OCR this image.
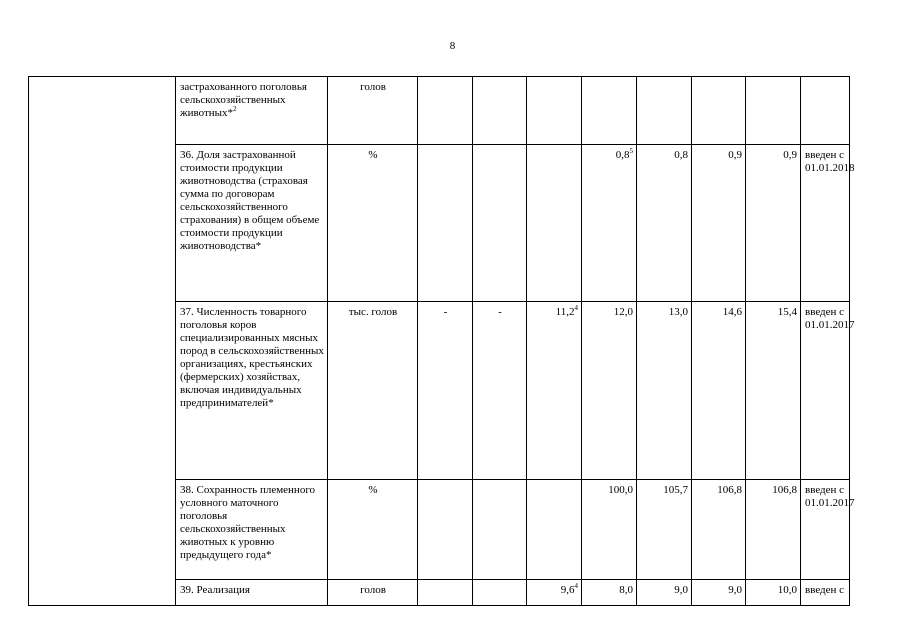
8
	застрахованного поголовья сельскохозяйственных животных*$^2$	голов								
	36. Доля застрахованной стоимости продукции животноводства (страховая сумма по договорам сельскохозяйственного страхования) в общем объеме стоимости продукции животноводства*	%				$0,8^5$	0,8	0,9	0,9	введен с 01.01.2018
	37. Численность товарного поголовья коров специализированных мясных пород в сельскохозяйственных организациях, крестьянских (фермерских) хозяйствах, включая индивидуальных предпринимателей*	тыс. голов	-	-	11,2$^4$	12,0	13,0	14,6	15,4	введен с 01.01.2017
	38. Сохранность племенного условного маточного поголовья сельскохозяйственных животных к уровню предыдущего года*	%				100,0	105,7	106,8	106,8	введен с 01.01.2017
	39. Реализация	голов			$9,6^4$	8,0	9,0	9,0	10,0	введен с
